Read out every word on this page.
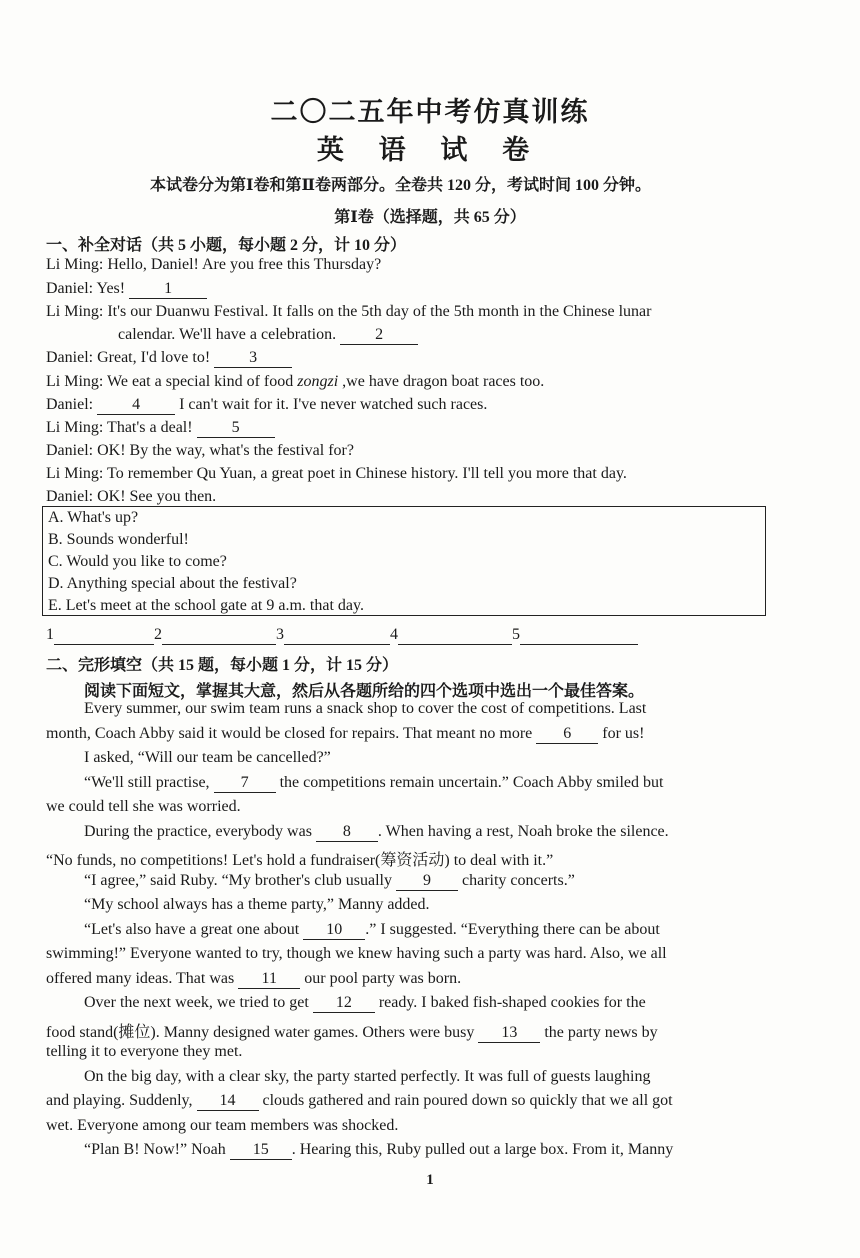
二〇二五年中考仿真训练
英 语 试 卷
本试卷分为第Ⅰ卷和第Ⅱ卷两部分。全卷共 120 分，考试时间 100 分钟。
第Ⅰ卷（选择题，共 65 分）
一、补全对话（共 5 小题，每小题 2 分，计 10 分）
Li Ming: Hello, Daniel! Are you free this Thursday?
Daniel: Yes! 1
Li Ming: It's our Duanwu Festival. It falls on the 5th day of the 5th month in the Chinese lunar
calendar. We'll have a celebration. 2
Daniel: Great, I'd love to! 3
Li Ming: We eat a special kind of food zongzi ,we have dragon boat races too.
Daniel: 4 I can't wait for it. I've never watched such races.
Li Ming: That's a deal! 5
Daniel: OK! By the way, what's the festival for?
Li Ming: To remember Qu Yuan, a great poet in Chinese history. I'll tell you more that day.
Daniel: OK! See you then.
A. What's up?
B. Sounds wonderful!
C. Would you like to come?
D. Anything special about the festival?
E. Let's meet at the school gate at 9 a.m. that day.
1	2	3	4	5
二、完形填空（共 15 题，每小题 1 分，计 15 分）
阅读下面短文，掌握其大意，然后从各题所给的四个选项中选出一个最佳答案。
Every summer, our swim team runs a snack shop to cover the cost of competitions. Last
month, Coach Abby said it would be closed for repairs. That meant no more 6 for us!
I asked, “Will our team be cancelled?”
“We'll still practise, 7 the competitions remain uncertain.” Coach Abby smiled but
we could tell she was worried.
During the practice, everybody was 8 . When having a rest, Noah broke the silence.
“No funds, no competitions! Let's hold a fundraiser(筹资活动) to deal with it.”
“I agree,” said Ruby. “My brother's club usually 9 charity concerts.”
“My school always has a theme party,” Manny added.
“Let's also have a great one about 10 .” I suggested. “Everything there can be about
swimming!” Everyone wanted to try, though we knew having such a party was hard. Also, we all
offered many ideas. That was 11 our pool party was born.
Over the next week, we tried to get 12 ready. I baked fish-shaped cookies for the
food stand(摊位). Manny designed water games. Others were busy 13 the party news by
telling it to everyone they met.
On the big day, with a clear sky, the party started perfectly. It was full of guests laughing
and playing. Suddenly, 14 clouds gathered and rain poured down so quickly that we all got
wet. Everyone among our team members was shocked.
“Plan B! Now!” Noah 15 . Hearing this, Ruby pulled out a large box. From it, Manny
1
